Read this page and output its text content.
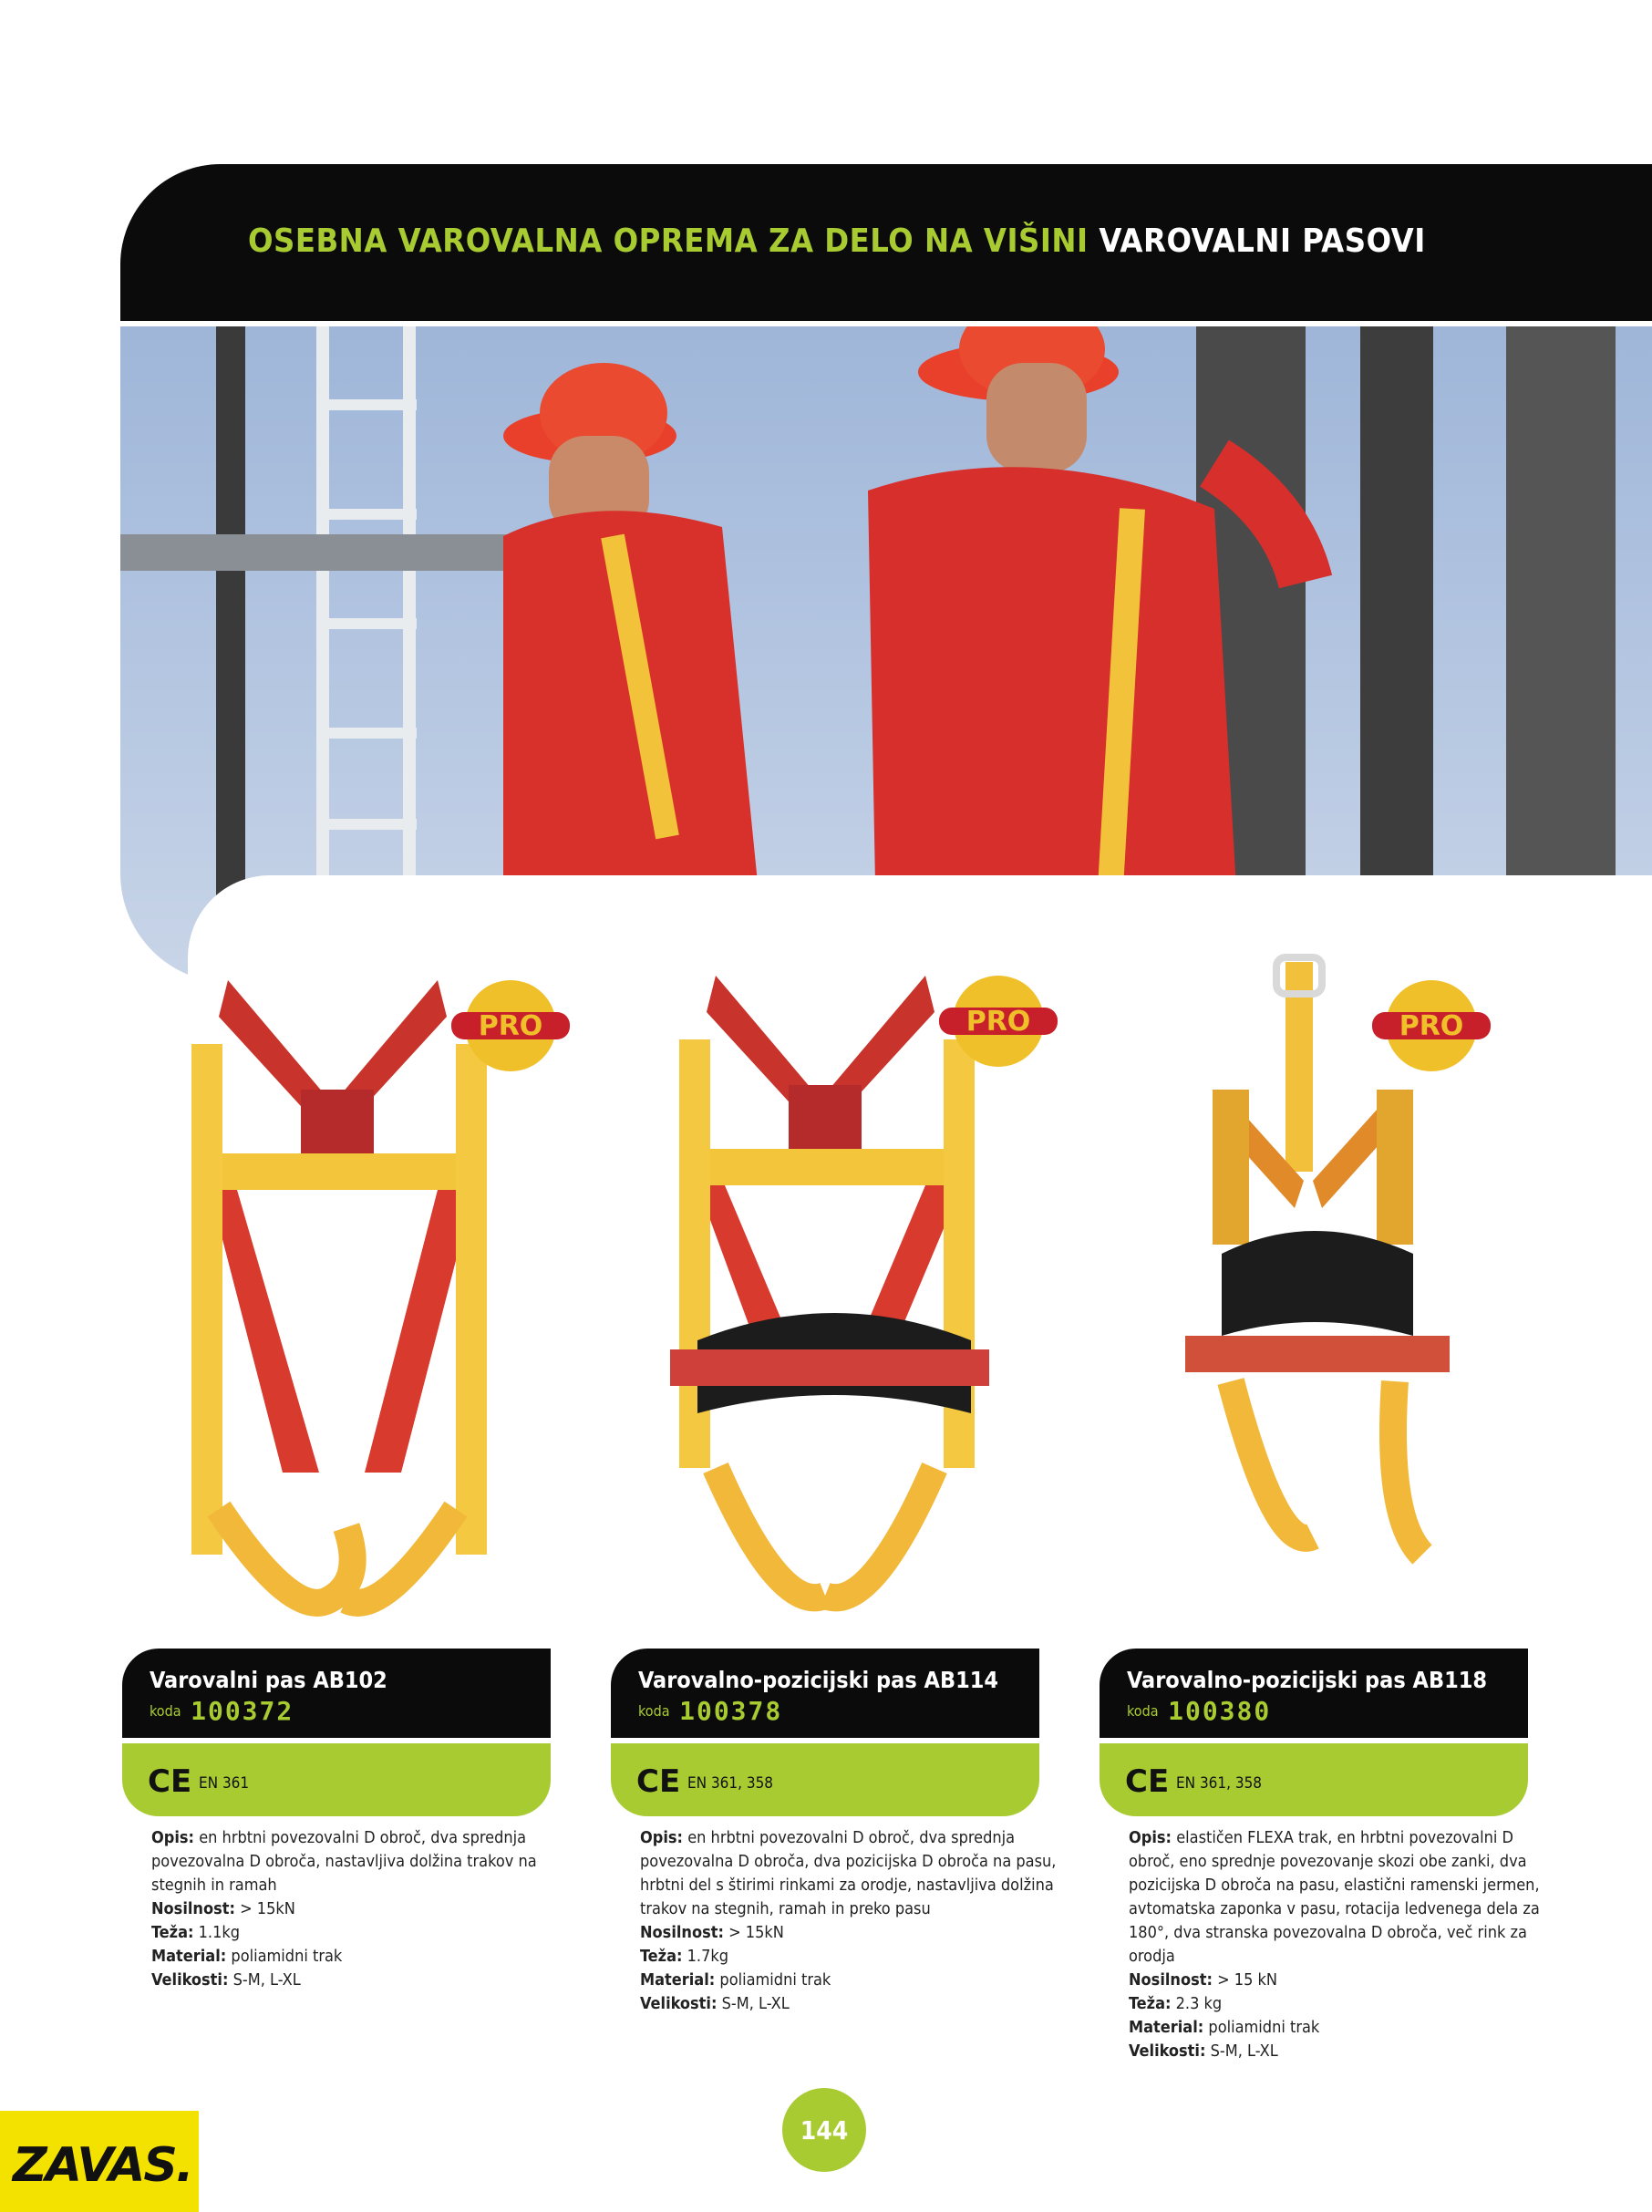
OSEBNA VAROVALNA OPREMA ZA DELO NA VIŠINI VAROVALNI PASOVI
PRO	PRO	PRO
Varovalni pas AB102
koda 100372
CE EN 361

Opis: en hrbtni povezovalni D obroč, dva sprednja povezovalna D obroča, nastavljiva dolžina trakov na stegnih in ramah

Nosilnost: > 15kN

Teža: 1.1kg

Material: poliamidni trak

Velikosti: S-M, L-XL

Varovalno-pozicijski pas AB114
koda 100378
CE EN 361, 358

Opis: en hrbtni povezovalni D obroč, dva sprednja povezovalna D obroča, dva pozicijska D obroča na pasu, hrbtni del s štirimi rinkami za orodje, nastavljiva dolžina trakov na stegnih, ramah in preko pasu

Nosilnost: > 15kN

Teža: 1.7kg

Material: poliamidni trak

Velikosti: S-M, L-XL

Varovalno-pozicijski pas AB118
koda 100380
CE EN 361, 358

Opis: elastičen FLEXA trak, en hrbtni povezovalni D obroč, eno sprednje povezovanje skozi obe zanki, dva pozicijska D obroča na pasu, elastični ramenski jermen, avtomatska zaponka v pasu, rotacija ledvenega dela za 180°, dva stranska povezovalna D obroča, več rink za orodja

Nosilnost: > 15 kN

Teža: 2.3 kg

Material: poliamidni trak

Velikosti: S-M, L-XL

144
ZAVAS.
